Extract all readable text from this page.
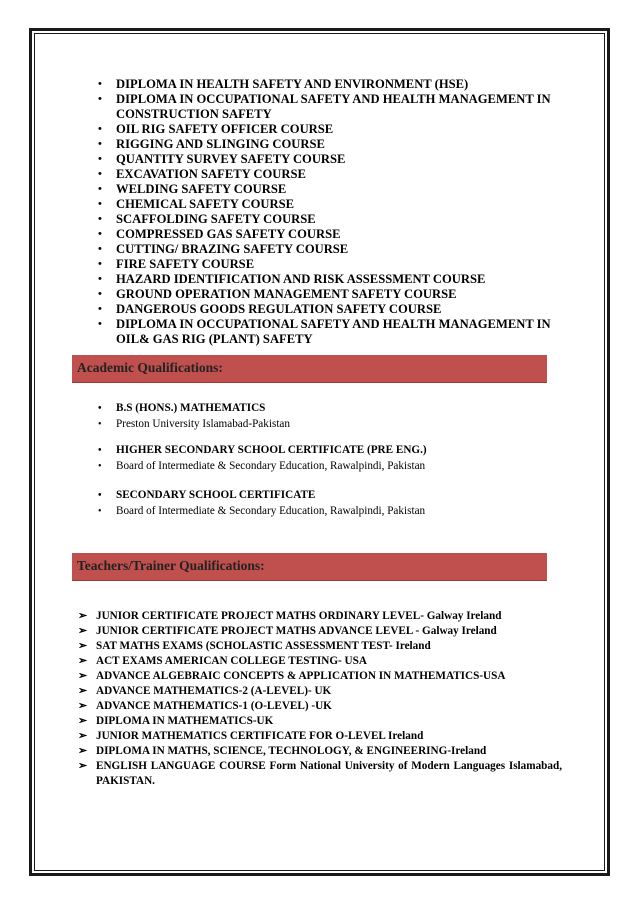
• DIPLOMA IN HEALTH SAFETY AND ENVIRONMENT (HSE)
• DIPLOMA IN OCCUPATIONAL SAFETY AND HEALTH MANAGEMENT IN CONSTRUCTION SAFETY
• OIL RIG SAFETY OFFICER COURSE
• RIGGING AND SLINGING COURSE
• QUANTITY SURVEY SAFETY COURSE
• EXCAVATION SAFETY COURSE
• WELDING SAFETY COURSE
• CHEMICAL SAFETY COURSE
• SCAFFOLDING SAFETY COURSE
• COMPRESSED GAS SAFETY COURSE
• CUTTING/ BRAZING SAFETY COURSE
• FIRE SAFETY COURSE
• HAZARD IDENTIFICATION AND RISK ASSESSMENT COURSE
• GROUND OPERATION MANAGEMENT SAFETY COURSE
• DANGEROUS GOODS REGULATION SAFETY COURSE
• DIPLOMA IN OCCUPATIONAL SAFETY AND HEALTH MANAGEMENT IN OIL& GAS RIG (PLANT) SAFETY
Academic Qualifications:
• B.S (HONS.) MATHEMATICS
• Preston University Islamabad-Pakistan
• HIGHER SECONDARY SCHOOL CERTIFICATE (PRE ENG.)
• Board of Intermediate & Secondary Education, Rawalpindi, Pakistan
• SECONDARY SCHOOL CERTIFICATE
• Board of Intermediate & Secondary Education, Rawalpindi, Pakistan
Teachers/Trainer Qualifications:
➢ JUNIOR CERTIFICATE PROJECT MATHS ORDINARY LEVEL- Galway Ireland
➢ JUNIOR CERTIFICATE PROJECT MATHS ADVANCE LEVEL - Galway Ireland
➢ SAT MATHS EXAMS (SCHOLASTIC ASSESSMENT TEST- Ireland
➢ ACT EXAMS AMERICAN COLLEGE TESTING- USA
➢ ADVANCE ALGEBRAIC CONCEPTS & APPLICATION IN MATHEMATICS-USA
➢ ADVANCE MATHEMATICS-2 (A-LEVEL)- UK
➢ ADVANCE MATHEMATICS-1 (O-LEVEL) -UK
➢ DIPLOMA IN MATHEMATICS-UK
➢ JUNIOR MATHEMATICS CERTIFICATE FOR O-LEVEL Ireland
➢ DIPLOMA IN MATHS, SCIENCE, TECHNOLOGY, & ENGINEERING-Ireland
➢ ENGLISH LANGUAGE COURSE Form National University of Modern Languages Islamabad, PAKISTAN.
